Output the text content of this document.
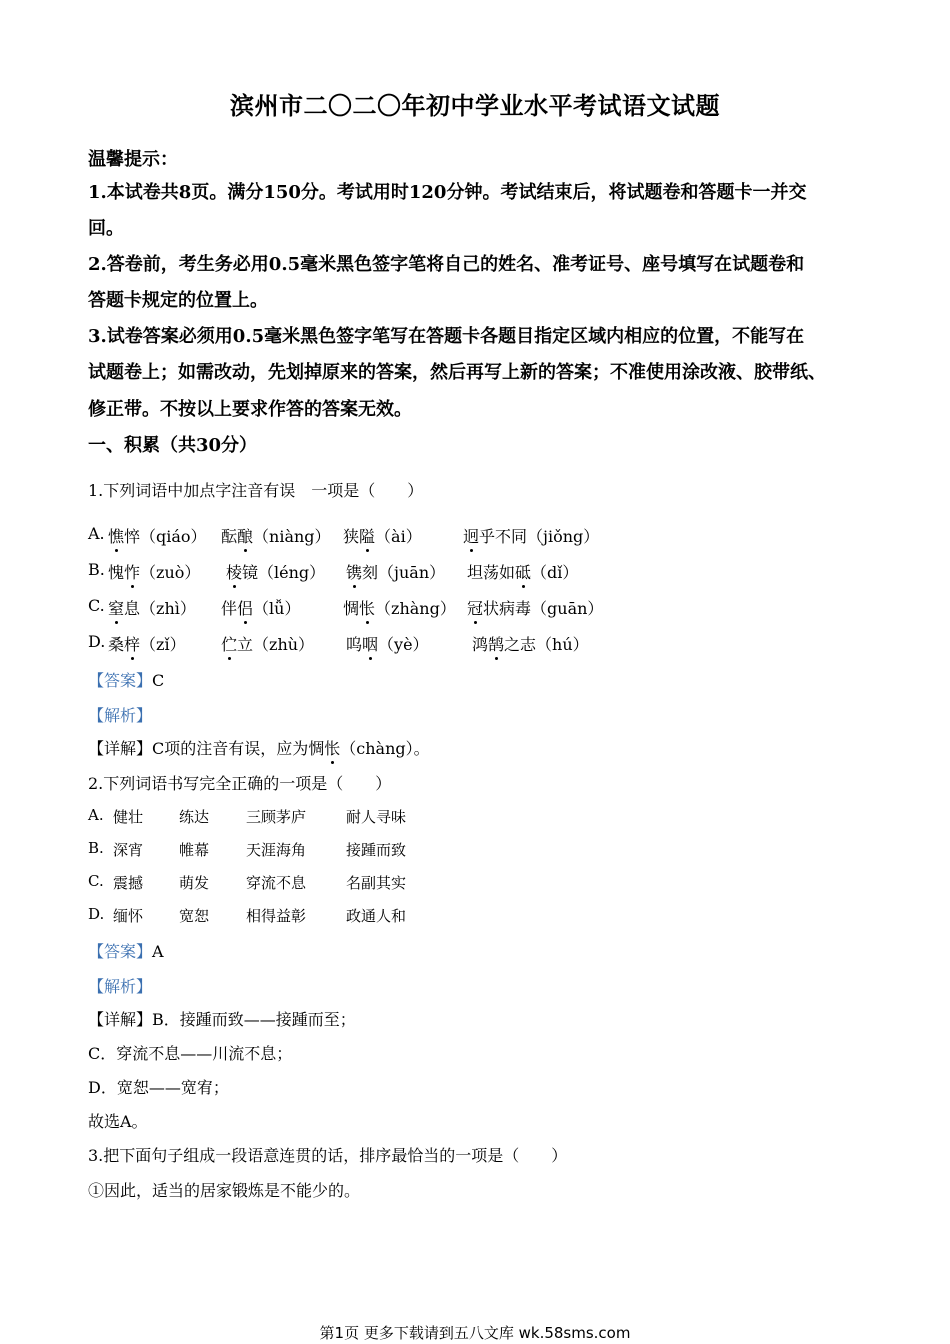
滨州市二〇二〇年初中学业水平考试语文试题
温馨提示：
1.本试卷共8页。满分150分。考试用时120分钟。考试结束后，将试题卷和答题卡一并交
回。
2.答卷前，考生务必用0.5毫米黑色签字笔将自己的姓名、准考证号、座号填写在试题卷和
答题卡规定的位置上。
3.试卷答案必须用0.5毫米黑色签字笔写在答题卡各题目指定区域内相应的位置，不能写在
试题卷上；如需改动，先划掉原来的答案，然后再写上新的答案；不准使用涂改液、胶带纸、
修正带。不按以上要求作答的答案无效。
一、积累（共30分）
1.下列词语中加点字注音有误　一项是（　　）
A. 憔悴（qiáo） 酝酿（niàng） 狭隘（ài）	迥乎不同（jiǒng）
B. 愧怍（zuò） 棱镜（léng） 镌刻（juān） 坦荡如砥（dǐ）
C. 窒息（zhì） 伴侣（lǚ）	惆怅（zhàng） 冠状病毒（guān）
D. 桑梓（zǐ） 伫立（zhù） 呜咽（yè）	鸿鹄之志（hú）
【答案】C
【解析】
【详解】C项的注音有误，应为惆怅（chàng）。
2.下列词语书写完全正确的一项是（　　）
A. 健壮 练达 三顾茅庐	耐人寻味
B. 深宵 帷幕 天涯海角	接踵而致
C. 震撼 萌发 穿流不息	名副其实
D. 缅怀 宽恕 相得益彰	政通人和
【答案】A
【解析】
【详解】B．接踵而致——接踵而至；
C．穿流不息——川流不息；
D．宽恕——宽宥；
故选A。
3.把下面句子组成一段语意连贯的话，排序最恰当的一项是（　　）
①因此，适当的居家锻炼是不能少的。
第1页 更多下载请到五八文库 wk.58sms.com
